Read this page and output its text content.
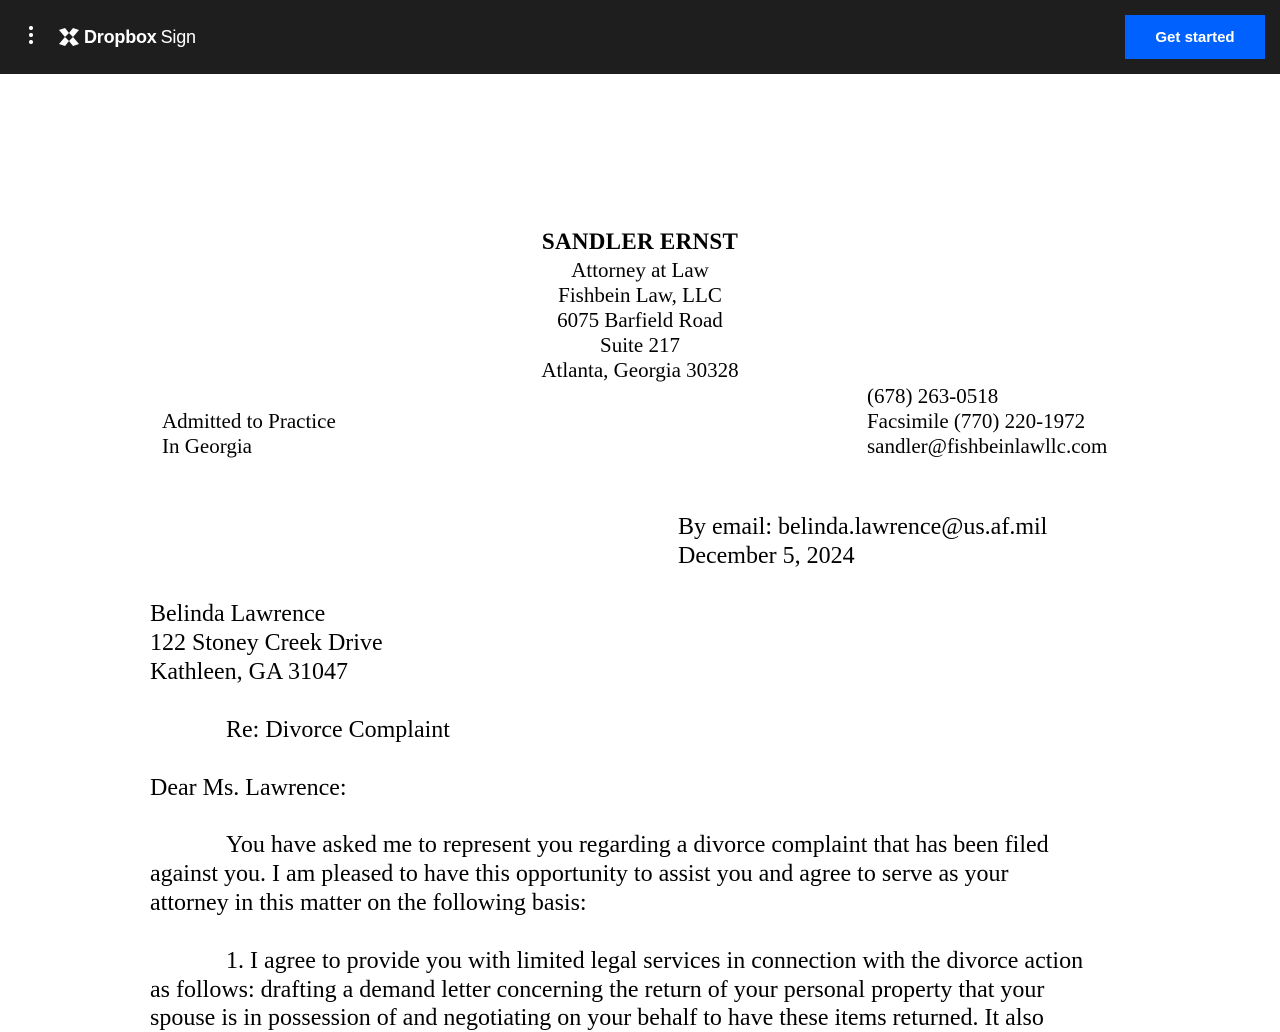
Dropbox Sign	Get started
SANDLER ERNST
Attorney at Law
Fishbein Law, LLC
6075 Barfield Road
Suite 217
Atlanta, Georgia 30328
Admitted to Practice
In Georgia
(678) 263-0518
Facsimile (770) 220-1972
sandler@fishbeinlawllc.com
By email: belinda.lawrence@us.af.mil
December 5, 2024
Belinda Lawrence
122 Stoney Creek Drive
Kathleen, GA 31047
Re: Divorce Complaint
Dear Ms. Lawrence:
You have asked me to represent you regarding a divorce complaint that has been filed
against you. I am pleased to have this opportunity to assist you and agree to serve as your
attorney in this matter on the following basis:
1. I agree to provide you with limited legal services in connection with the divorce action
as follows: drafting a demand letter concerning the return of your personal property that your
spouse is in possession of and negotiating on your behalf to have these items returned. It also
